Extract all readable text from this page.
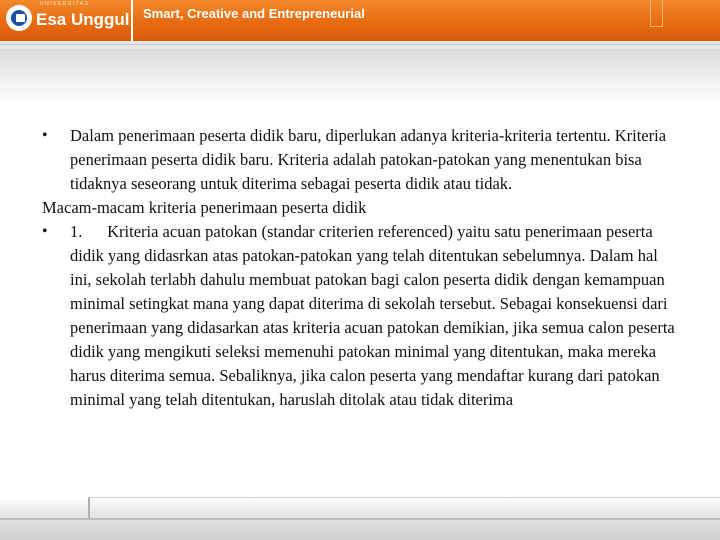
Esa Unggul
UNIVERSITAS
Smart, Creative and Entrepreneurial
• Dalam penerimaan peserta didik baru, diperlukan adanya kriteria-kriteria tertentu. Kriteria penerimaan peserta didik baru. Kriteria adalah patokan-patokan yang menentukan bisa tidaknya seseorang untuk diterima sebagai peserta didik atau tidak.
Macam-macam kriteria penerimaan peserta didik
• 1.      Kriteria acuan patokan (standar criterien referenced) yaitu satu penerimaan peserta didik yang didasrkan atas patokan-patokan yang telah ditentukan sebelumnya. Dalam hal ini, sekolah terlabh dahulu membuat patokan bagi calon peserta didik dengan kemampuan minimal setingkat mana yang dapat diterima di sekolah tersebut. Sebagai konsekuensi dari penerimaan yang didasarkan atas kriteria acuan patokan demikian, jika semua calon peserta didik yang mengikuti seleksi memenuhi patokan minimal yang ditentukan, maka mereka harus diterima semua. Sebaliknya, jika calon peserta yang mendaftar kurang dari patokan minimal yang telah ditentukan, haruslah ditolak atau tidak diterima
